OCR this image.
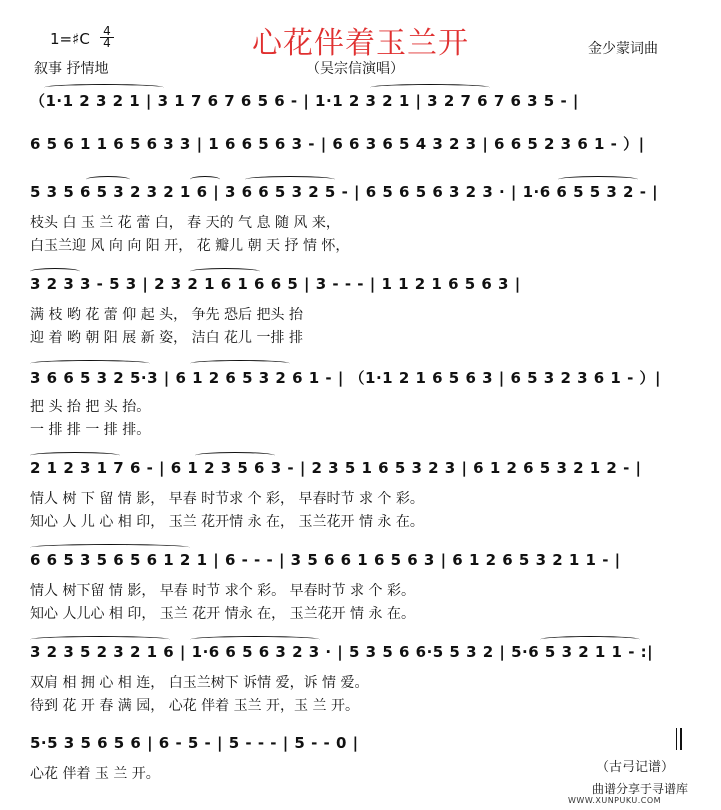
心花伴着玉兰开
1=♯C $\frac{4}{4}$
叙事 抒情地	（吴宗信演唱）
金少蒙词曲
（1·1 2 3 2 1 | 3 1 7 6 7 6 5 6 - | 1·1 2 3 2 1 | 3 2 7 6 7 6 3 5 - |
6 5 6 1 1 6 5 6 3 3 | 1 6 6 5 6 3 - | 6 6 3 6 5 4 3 2 3 | 6 6 5 2 3 6 1 - ）|
5 3 5 6 5 3 2 3 2 1 6 | 3 6 6 5 3 2 5 - | 6 5 6 5 6 3 2 3 · | 1·6 6 5 5 3 2 - |
枝头 白 玉 兰 花 蕾 白， 春 天的 气 息 随 风 来，
白玉兰迎 风 向 向 阳 开， 花 瓣儿 朝 天 抒 情 怀，
3 2 3 3 - 5 3 | 2 3 2 1 6 1 6 6 5 | 3 - - - | 1 1 2 1 6 5 6 3 |
满 枝 哟 花 蕾 仰 起 头， 争先 恐后 把头 抬
迎 着 哟 朝 阳 展 新 姿， 洁白 花儿 一排 排
3 6 6 5 3 2 5·3 | 6 1 2 6 5 3 2 6 1 - | （1·1 2 1 6 5 6 3 | 6 5 3 2 3 6 1 - ）|
把 头 抬 把 头 抬。
一 排 排 一 排 排。
2 1 2 3 1 7 6 - | 6 1 2 3 5 6 3 - | 2 3 5 1 6 5 3 2 3 | 6 1 2 6 5 3 2 1 2 - |
情人 树 下 留 情 影， 早春 时节求 个 彩， 早春时节 求 个 彩。
知心 人 儿 心 相 印， 玉兰 花开情 永 在， 玉兰花开 情 永 在。
6 6 5 3 5 6 5 6 1 2 1 | 6 - - - | 3 5 6 6 1 6 5 6 3 | 6 1 2 6 5 3 2 1 1 - |
情人 树下留 情 影， 早春 时节 求个 彩。 早春时节 求 个 彩。
知心 人儿心 相 印， 玉兰 花开 情永 在， 玉兰花开 情 永 在。
3 2 3 5 2 3 2 1 6 | 1·6 6 5 6 3 2 3 · | 5 3 5 6 6·5 5 3 2 | 5·6 5 3 2 1 1 - :|
双肩 相 拥 心 相 连， 白玉兰树下 诉情 爱，诉 情 爱。
待到 花 开 春 满 园， 心花 伴着 玉兰 开，玉 兰 开。
5·5 3 5 6 5 6 | 6 - 5 - | 5 - - - | 5 - - 0 |
心花 伴着 玉 兰 开。	（古弓记谱）
曲谱分享于寻谱库
WWW.XUNPUKU.COM
